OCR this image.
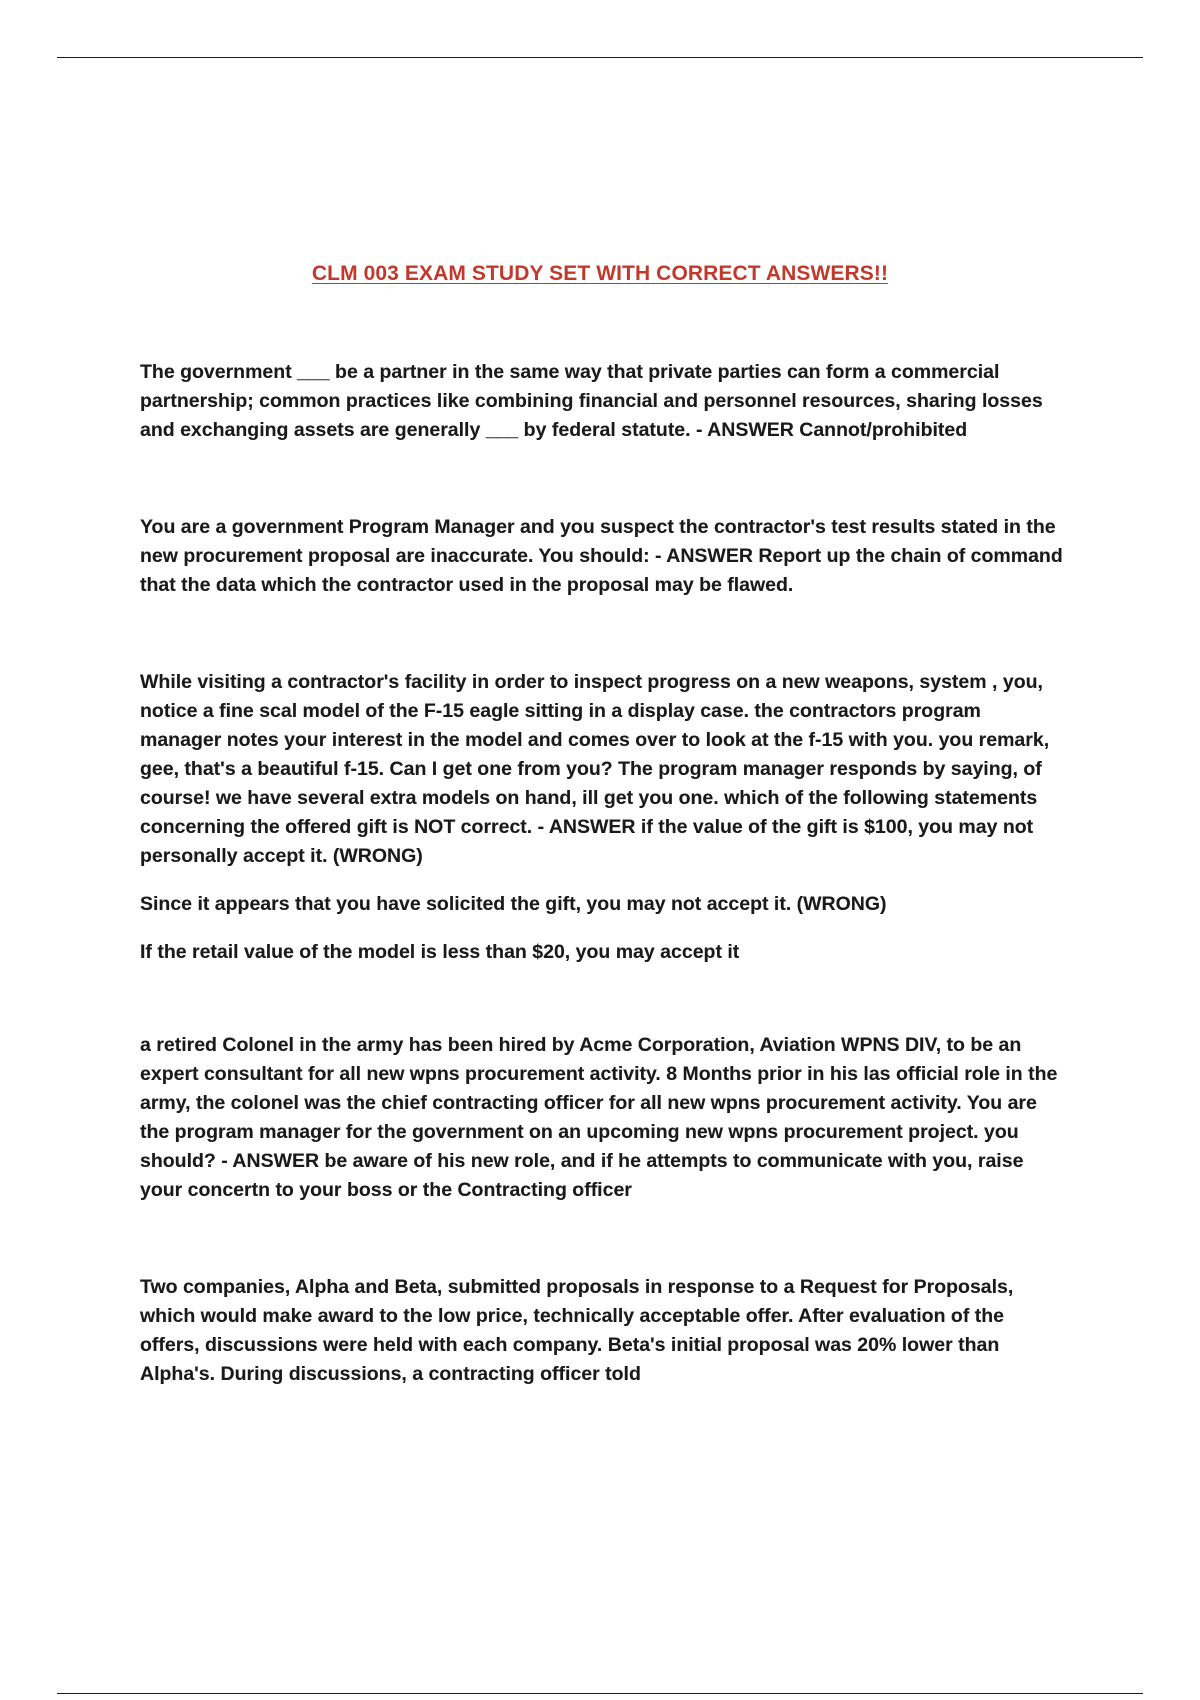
CLM 003 EXAM STUDY SET WITH CORRECT ANSWERS!!

The government ___ be a partner in the same way that private parties can form a commercial partnership; common practices like combining financial and personnel resources, sharing losses and exchanging assets are generally ___ by federal statute. - ANSWER Cannot/prohibited

You are a government Program Manager and you suspect the contractor's test results stated in the new procurement proposal are inaccurate. You should: - ANSWER Report up the chain of command that the data which the contractor used in the proposal may be flawed.

While visiting a contractor's facility in order to inspect progress on a new weapons, system , you, notice a fine scal model of the F-15 eagle sitting in a display case. the contractors program manager notes your interest in the model and comes over to look at the f-15 with you. you remark, gee, that's a beautiful f-15. Can I get one from you? The program manager responds by saying, of course! we have several extra models on hand, ill get you one. which of the following statements concerning the offered gift is NOT correct. - ANSWER if the value of the gift is $100, you may not personally accept it. (WRONG)

Since it appears that you have solicited the gift, you may not accept it. (WRONG)

If the retail value of the model is less than $20, you may accept it

a retired Colonel in the army has been hired by Acme Corporation, Aviation WPNS DIV, to be an expert consultant for all new wpns procurement activity. 8 Months prior in his las official role in the army, the colonel was the chief contracting officer for all new wpns procurement activity. You are the program manager for the government on an upcoming new wpns procurement project. you should? - ANSWER be aware of his new role, and if he attempts to communicate with you, raise your concertn to your boss or the Contracting officer

Two companies, Alpha and Beta, submitted proposals in response to a Request for Proposals, which would make award to the low price, technically acceptable offer. After evaluation of the offers, discussions were held with each company. Beta's initial proposal was 20% lower than Alpha's. During discussions, a contracting officer told
